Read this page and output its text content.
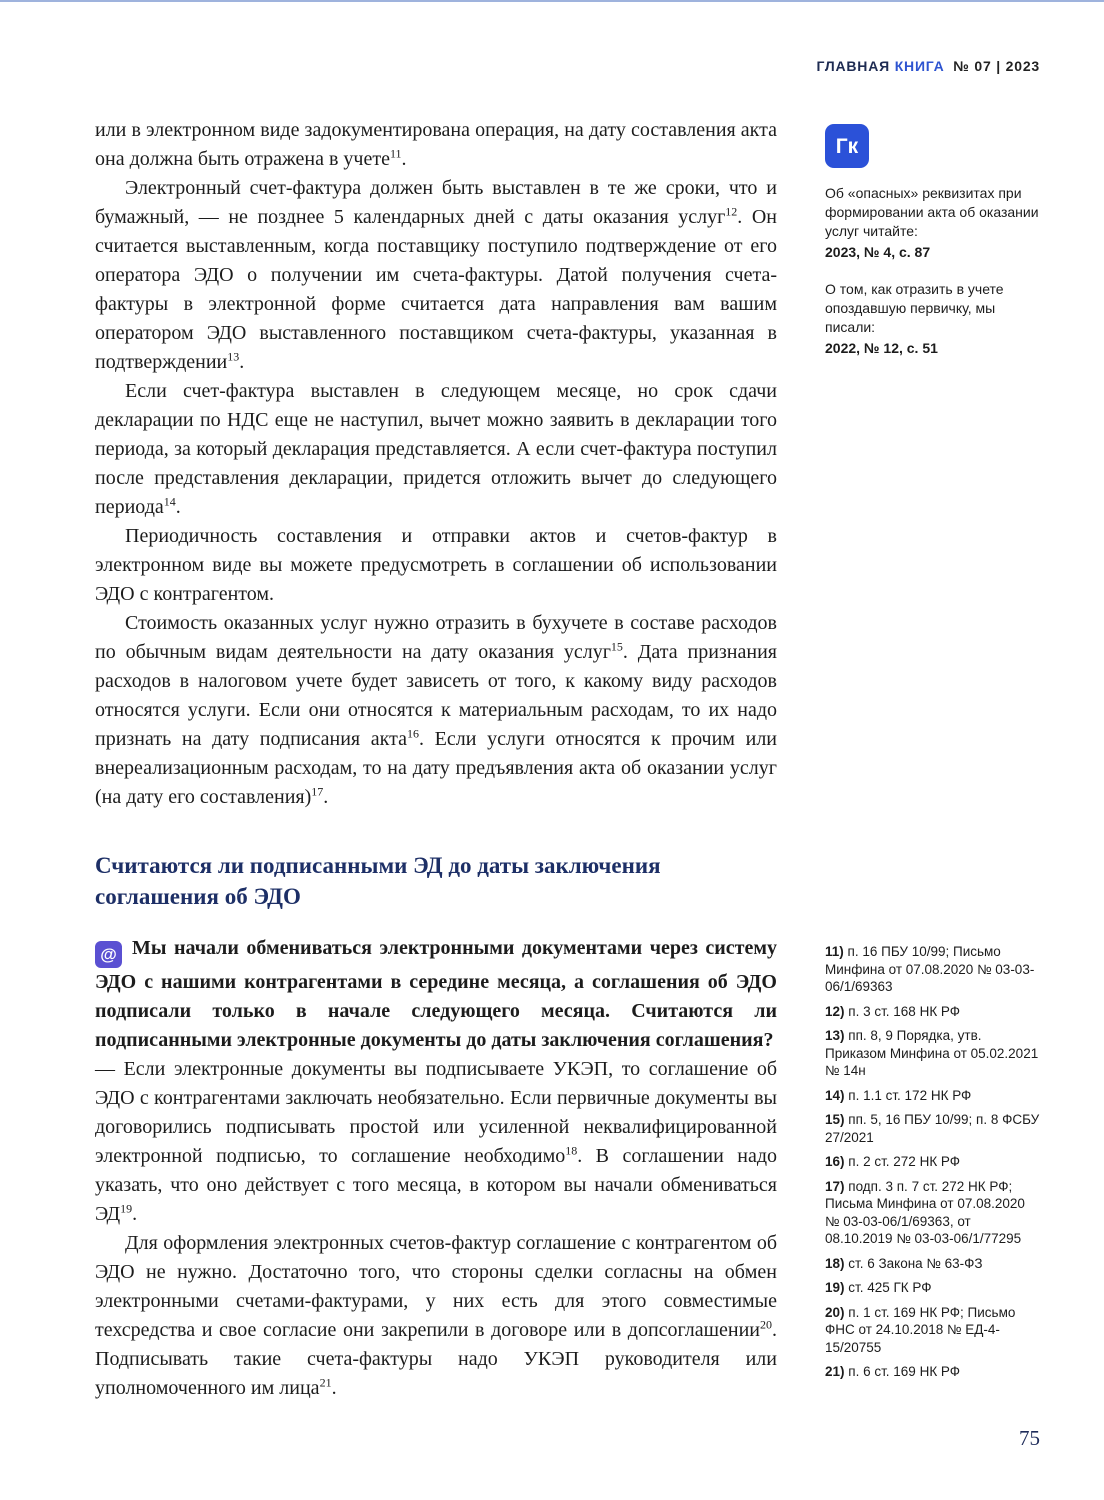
ГЛАВНАЯ КНИГА № 07 | 2023

или в электронном виде задокументирована операция, на дату составления акта она должна быть отражена в учете$^{11}$.

Электронный счет-фактура должен быть выставлен в те же сроки, что и бумажный, — не позднее 5 календарных дней с даты оказания услуг$^{12}$. Он считается выставленным, когда поставщику поступило подтверждение от его оператора ЭДО о получении им счета-фактуры. Датой получения счета-фактуры в электронной форме считается дата направления вам вашим оператором ЭДО выставленного поставщиком счета-фактуры, указанная в подтверждении$^{13}$.

Если счет-фактура выставлен в следующем месяце, но срок сдачи декларации по НДС еще не наступил, вычет можно заявить в декларации того периода, за который декларация представляется. А если счет-фактура поступил после представления декларации, придется отложить вычет до следующего периода$^{14}$.

Периодичность составления и отправки актов и счетов-фактур в электронном виде вы можете предусмотреть в соглашении об использовании ЭДО с контрагентом.

Стоимость оказанных услуг нужно отразить в бухучете в составе расходов по обычным видам деятельности на дату оказания услуг$^{15}$. Дата признания расходов в налоговом учете будет зависеть от того, к какому виду расходов относятся услуги. Если они относятся к материальным расходам, то их надо признать на дату подписания акта$^{16}$. Если услуги относятся к прочим или внереализационным расходам, то на дату предъявления акта об оказании услуг (на дату его составления)$^{17}$.

Считаются ли подписанными ЭД до даты заключения соглашения об ЭДО

@ Мы начали обмениваться электронными документами через систему ЭДО с нашими контрагентами в середине месяца, а соглашения об ЭДО подписали только в начале следующего месяца. Считаются ли подписанными электронные документы до даты заключения соглашения?

— Если электронные документы вы подписываете УКЭП, то соглашение об ЭДО с контрагентами заключать необязательно. Если первичные документы вы договорились подписывать простой или усиленной неквалифицированной электронной подписью, то соглашение необходимо$^{18}$. В соглашении надо указать, что оно действует с того месяца, в котором вы начали обмениваться ЭД$^{19}$.

Для оформления электронных счетов-фактур соглашение с контрагентом об ЭДО не нужно. Достаточно того, что стороны сделки согласны на обмен электронными счетами-фактурами, у них есть для этого совместимые техсредства и свое согласие они закрепили в договоре или в допсоглашении$^{20}$. Подписывать такие счета-фактуры надо УКЭП руководителя или уполномоченного им лица$^{21}$.

Гк
Об «опасных» реквизитах при формировании акта об оказании услуг читайте:
2023, № 4, с. 87
О том, как отразить в учете опоздавшую первичку, мы писали:
2022, № 12, с. 51
11) п. 16 ПБУ 10/99; Письмо Минфина от 07.08.2020 № 03-03-06/1/69363
12) п. 3 ст. 168 НК РФ
13) пп. 8, 9 Порядка, утв. Приказом Минфина от 05.02.2021 № 14н
14) п. 1.1 ст. 172 НК РФ
15) пп. 5, 16 ПБУ 10/99; п. 8 ФСБУ 27/2021
16) п. 2 ст. 272 НК РФ
17) подп. 3 п. 7 ст. 272 НК РФ; Письма Минфина от 07.08.2020 № 03-03-06/1/69363, от 08.10.2019 № 03-03-06/1/77295
18) ст. 6 Закона № 63-ФЗ
19) ст. 425 ГК РФ
20) п. 1 ст. 169 НК РФ; Письмо ФНС от 24.10.2018 № ЕД-4-15/20755
21) п. 6 ст. 169 НК РФ
75
